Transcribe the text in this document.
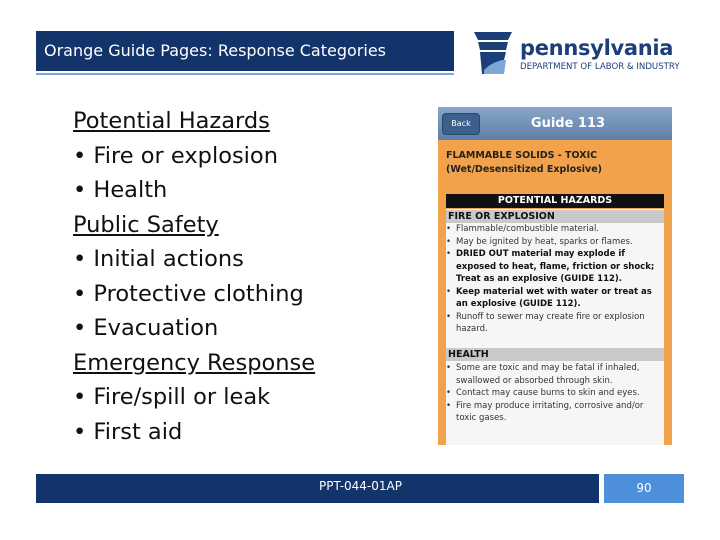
Orange Guide Pages: Response Categories	pennsylvania
DEPARTMENT OF LABOR & INDUSTRY
Potential Hazards
• Fire or explosion
• Health
Public Safety
• Initial actions
• Protective clothing
• Evacuation
Emergency Response
• Fire/spill or leak
• First aid
Back	Guide 113
FLAMMABLE SOLIDS - TOXIC (Wet/Desensitized Explosive)
POTENTIAL HAZARDS
FIRE OR EXPLOSION
• Flammable/combustible material.
• May be ignited by heat, sparks or flames.
• DRIED OUT material may explode if exposed to heat, flame, friction or shock; Treat as an explosive (GUIDE 112).
• Keep material wet with water or treat as an explosive (GUIDE 112).
• Runoff to sewer may create fire or explosion hazard.
HEALTH
• Some are toxic and may be fatal if inhaled, swallowed or absorbed through skin.
• Contact may cause burns to skin and eyes.
• Fire may produce irritating, corrosive and/or toxic gases.
PPT-044-01AP	90
